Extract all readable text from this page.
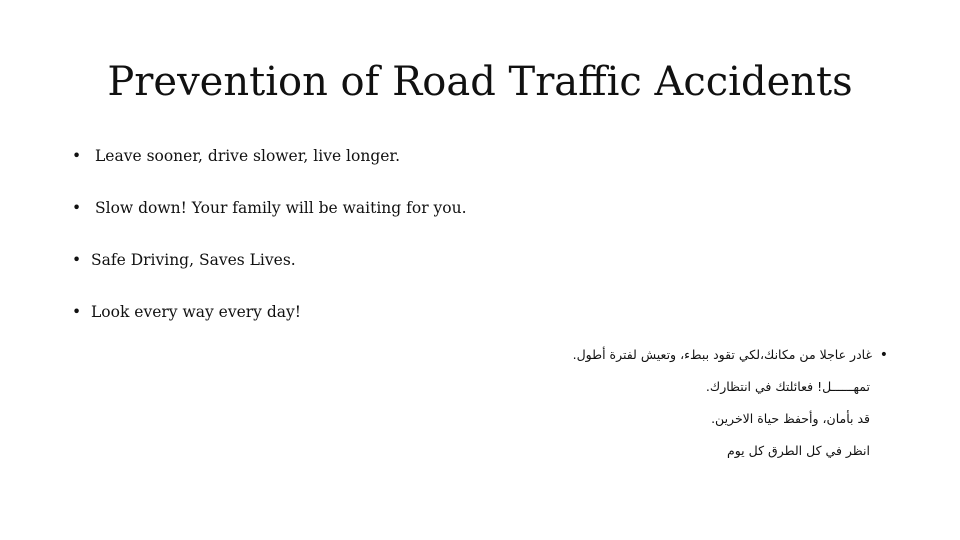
Prevention of Road Traffic Accidents
• Leave sooner, drive slower, live longer.
• Slow down! Your family will be waiting for you.
• Safe Driving, Saves Lives.
• Look every way every day!
•غادر عاجلا من مكانك،لكي تقود ببطء، وتعيش لفترة أطول.
تمهــــــل! فعائلتك في انتظارك.
قد بأمان، وأحفظ حياة الاخرين.
انظر في كل الطرق كل يوم
